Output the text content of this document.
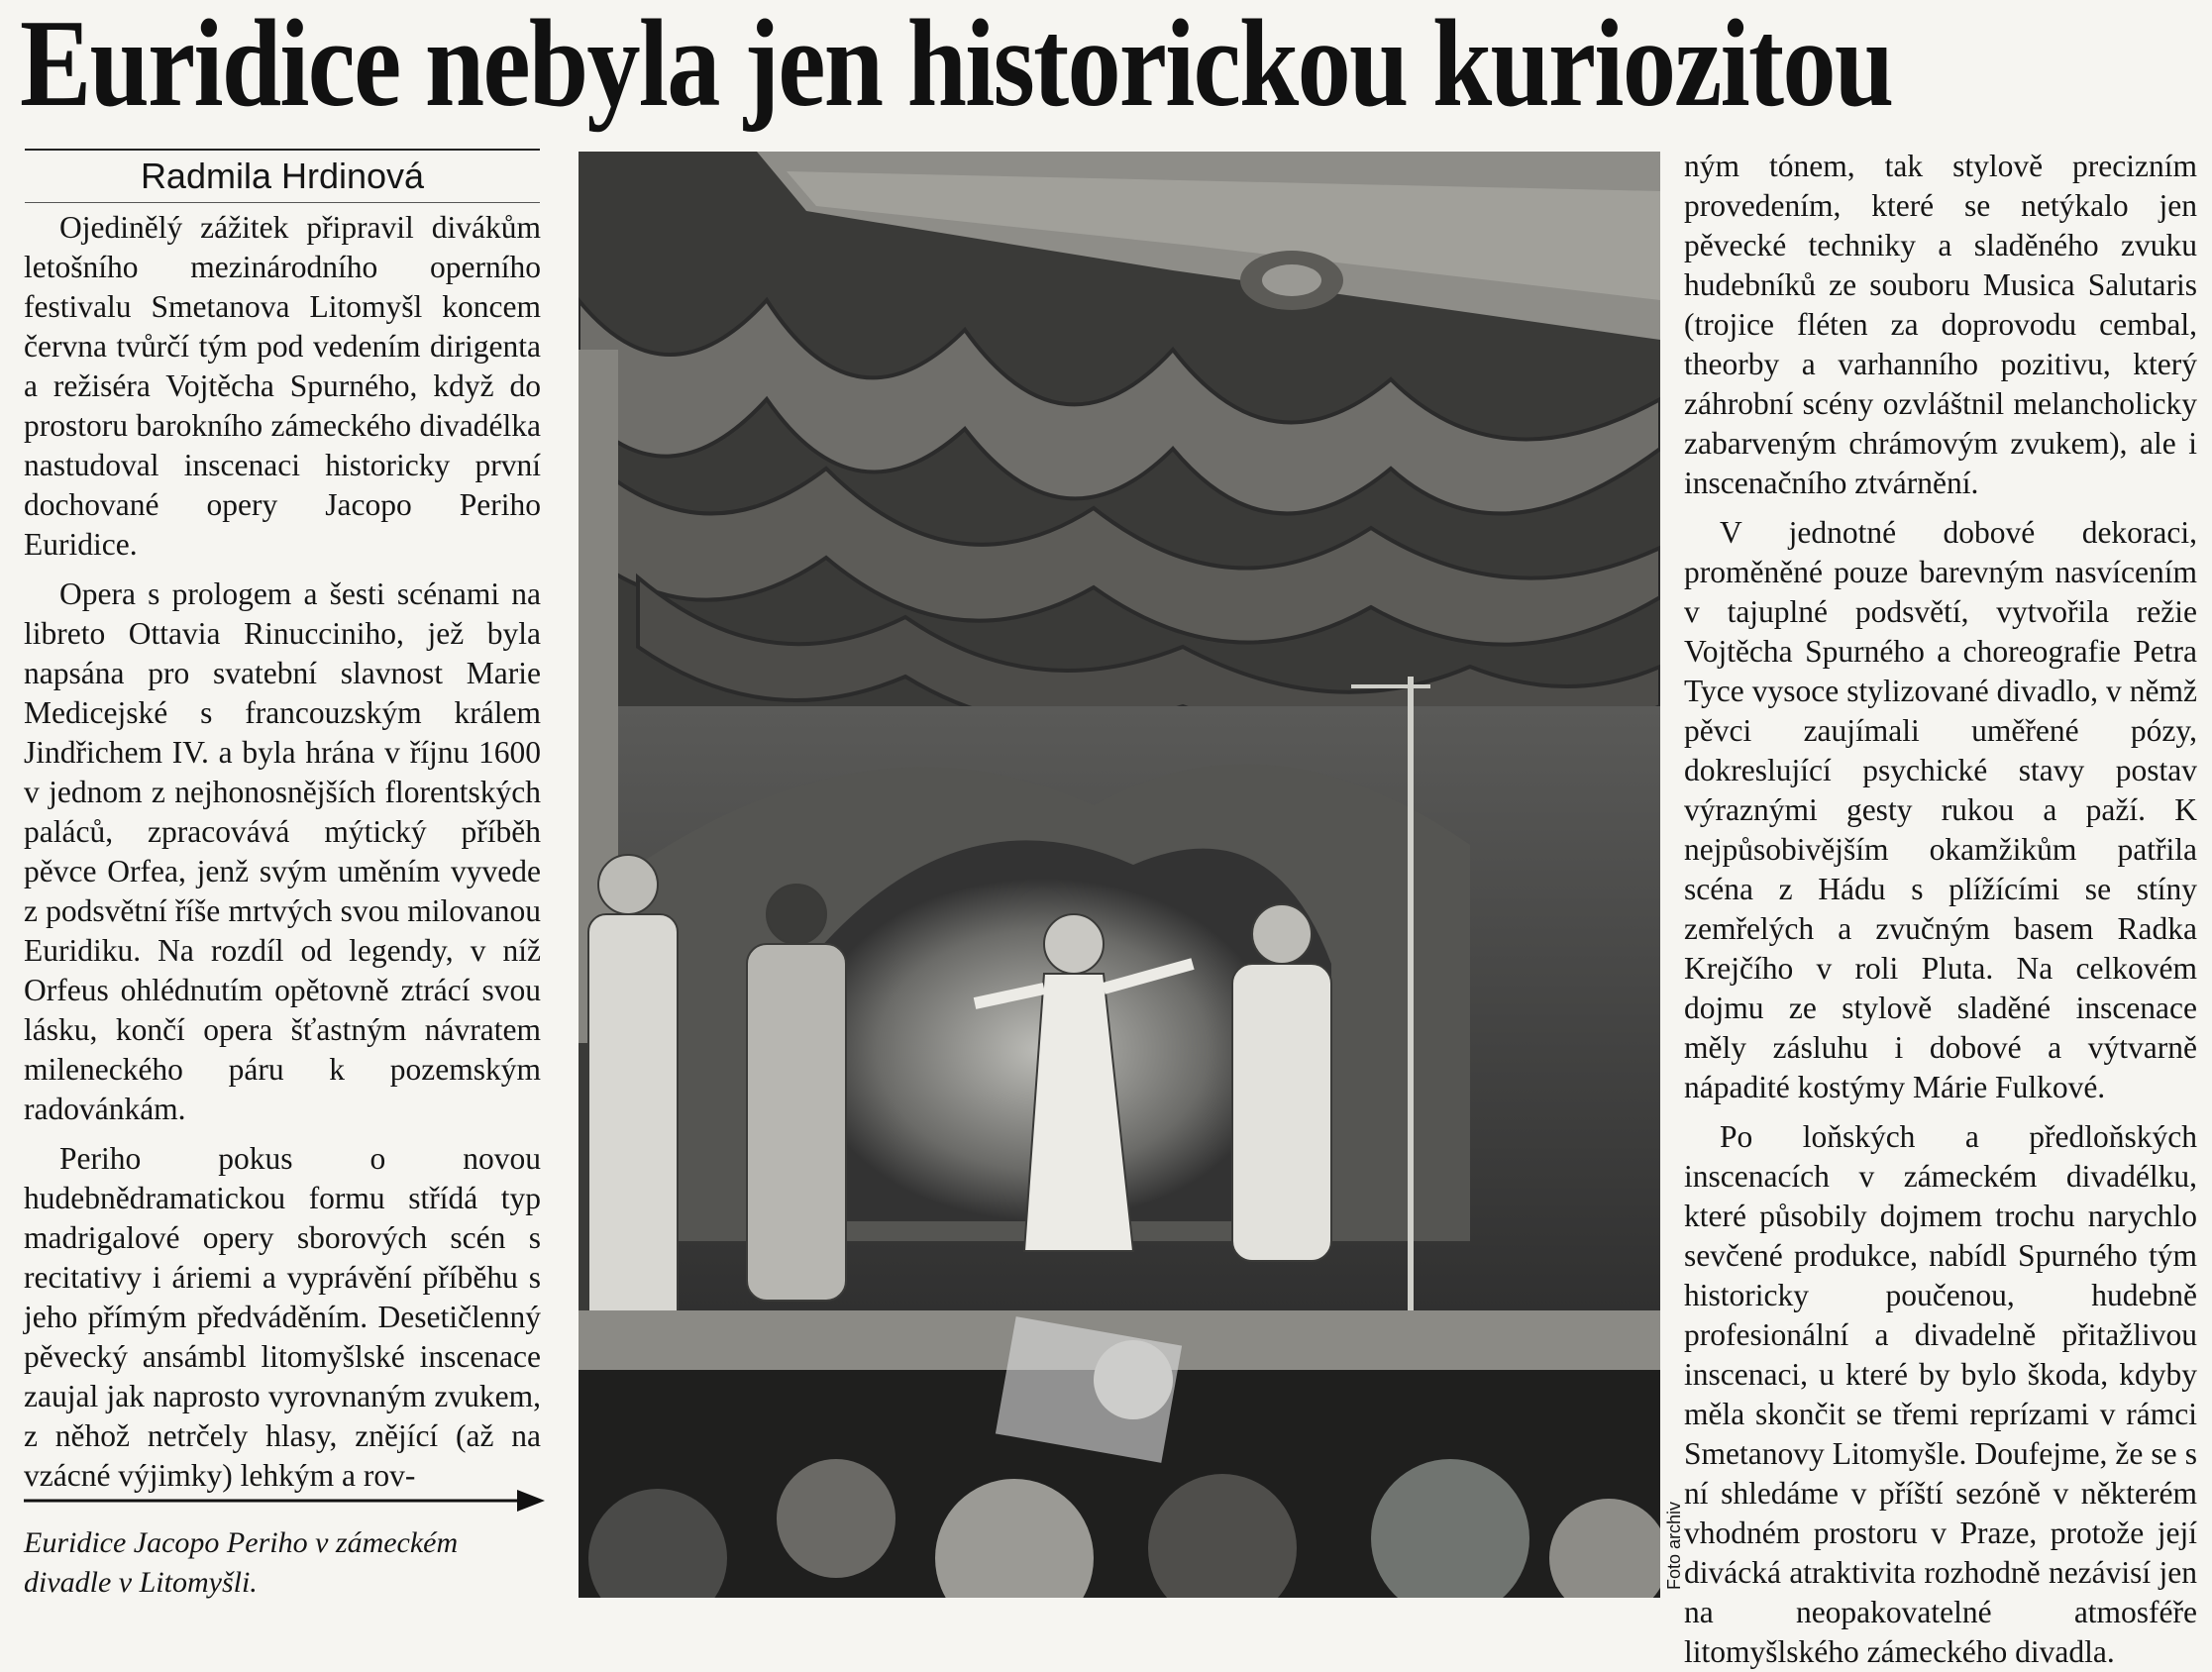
Euridice nebyla jen historickou kuriozitou
Radmila Hrdinová

Ojedinělý zážitek připravil divákům letošního mezinárodního operního festivalu Smetanova Litomyšl koncem června tvůrčí tým pod vedením dirigenta a režiséra Vojtěcha Spurného, když do prostoru barokního zámeckého divadélka nastudoval inscenaci historicky první dochované opery Jacopo Periho Euridice.

Opera s prologem a šesti scénami na libreto Ottavia Rinucciniho, jež byla napsána pro svatební slavnost Marie Medicejské s francouzským králem Jindřichem IV. a byla hrána v říjnu 1600 v jednom z nejhonosnějších florentských paláců, zpracovává mýtický příběh pěvce Orfea, jenž svým uměním vyvede z podsvětní říše mrtvých svou milovanou Euridiku. Na rozdíl od legendy, v níž Orfeus ohlédnutím opětovně ztrácí svou lásku, končí opera šťastným návratem mileneckého páru k pozemským radovánkám.

Periho pokus o novou hudebnědramatickou formu střídá typ madrigalové opery sborových scén s recitativy i áriemi a vyprávění příběhu s jeho přímým předváděním. Desetičlenný pěvecký ansámbl litomyšlské inscenace zaujal jak naprosto vyrovnaným zvukem, z něhož netrčely hlasy, znějící (až na vzácné výjimky) lehkým a rov-

Euridice Jacopo Periho v zámeckém divadle v Litomyšli.	Foto archiv

ným tónem, tak stylově precizním provedením, které se netýkalo jen pěvecké techniky a sladěného zvuku hudebníků ze souboru Musica Salutaris (trojice fléten za doprovodu cembal, theorby a varhanního pozitivu, který záhrobní scény ozvláštnil melancholicky zabarveným chrámovým zvukem), ale i inscenačního ztvárnění.

V jednotné dobové dekoraci, proměněné pouze barevným nasvícením v tajuplné podsvětí, vytvořila režie Vojtěcha Spurného a choreografie Petra Tyce vysoce stylizované divadlo, v němž pěvci zaujímali uměřené pózy, dokreslující psychické stavy postav výraznými gesty rukou a paží. K nejpůsobivějším okamžikům patřila scéna z Hádu s plížícími se stíny zemřelých a zvučným basem Radka Krejčího v roli Pluta. Na celkovém dojmu ze stylově sladěné inscenace měly zásluhu i dobové a výtvarně nápadité kostýmy Márie Fulkové.

Po loňských a předloňských inscenacích v zámeckém divadélku, které působily dojmem trochu narychlo sevčené produkce, nabídl Spurného tým historicky poučenou, hudebně profesionální a divadelně přitažlivou inscenaci, u které by bylo škoda, kdyby měla skončit se třemi reprízami v rámci Smetanovy Litomyšle. Doufejme, že se s ní shledáme v příští sezóně v některém vhodném prostoru v Praze, protože její divácká atraktivita rozhodně nezávisí jen na neopakovatelné atmosféře litomyšlského zámeckého divadla.
